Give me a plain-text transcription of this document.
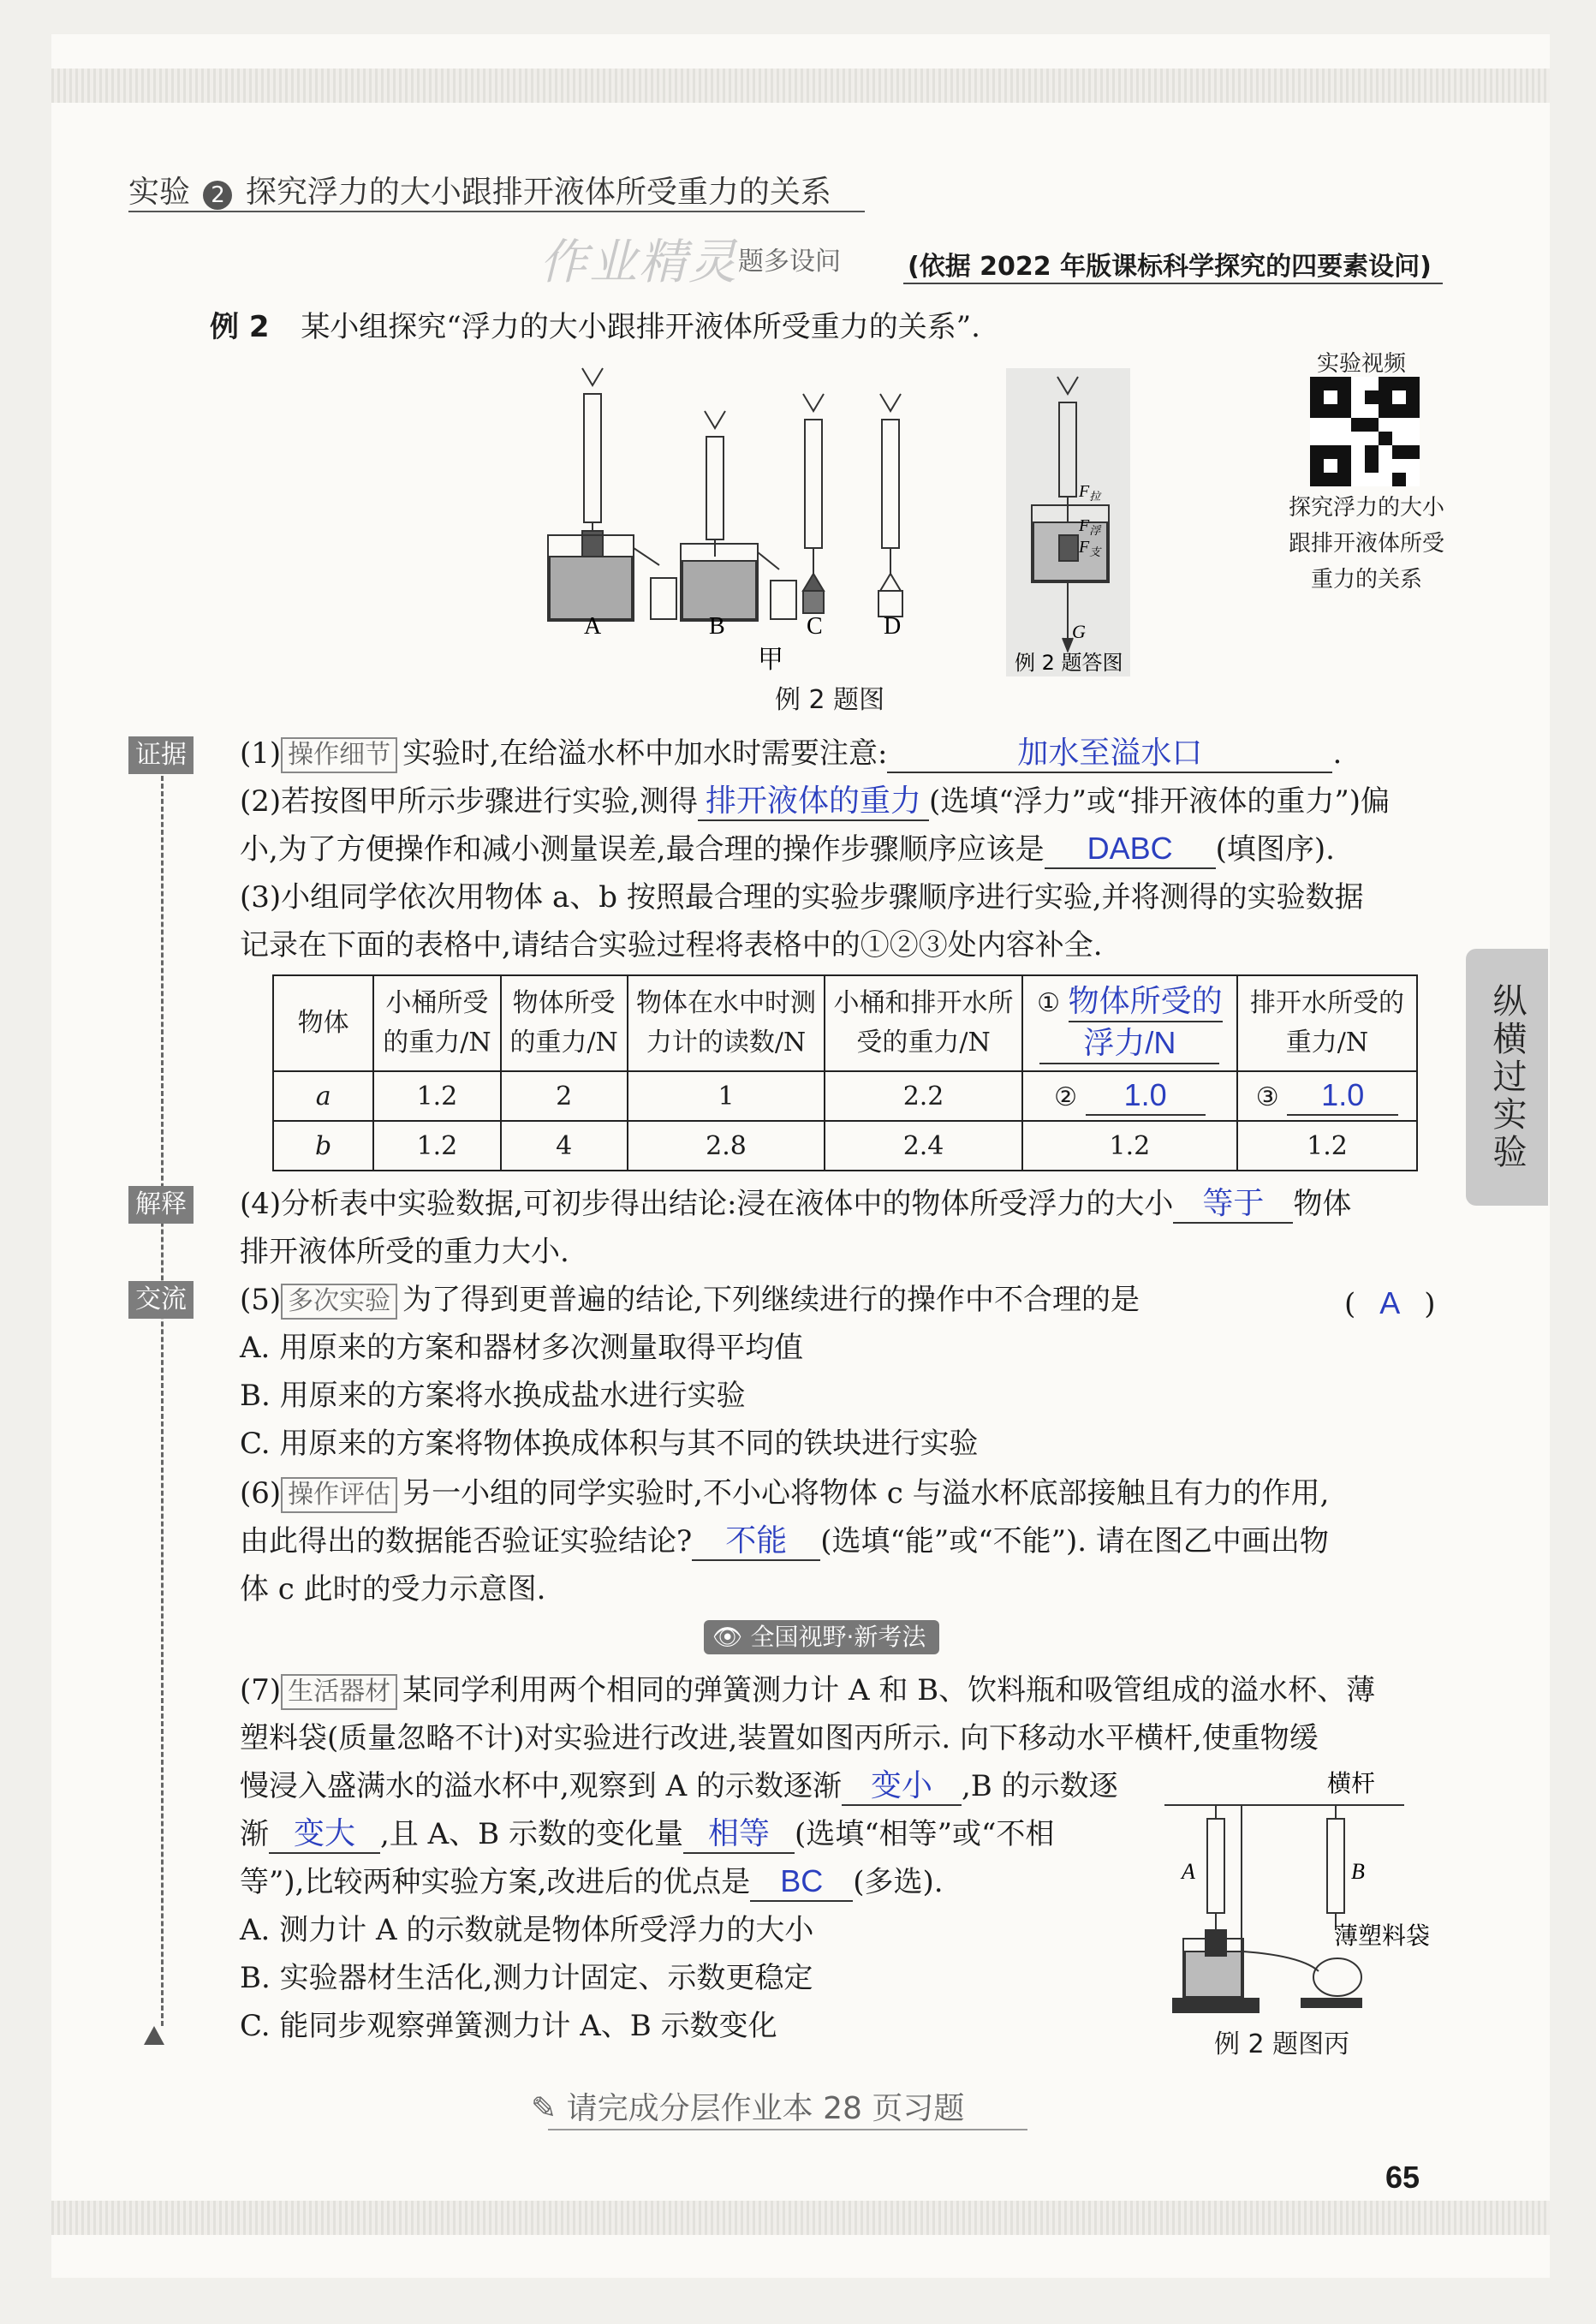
实验 2 探究浮力的大小跟排开液体所受重力的关系
作业精灵 题多设问	(依据 2022 年版课标科学探究的四要素设问)
例 2 某小组探究“浮力的大小跟排开液体所受重力的关系”.
A	B	C	D
甲
$F_拉$
$F_浮$
$F_支$
G
例 2 题答图
例 2 题图
实验视频
探究浮力的大小
跟排开液体所受
重力的关系
证据
解释
交流
(1) 操作细节 实验时,在给溢水杯中加水时需要注意:	加水至溢水口	.
(2)若按图甲所示步骤进行实验,测得 排开液体的重力 (选填“浮力”或“排开液体的重力”)偏
小,为了方便操作和减小测量误差,最合理的操作步骤顺序应该是 DABC (填图序).
(3)小组同学依次用物体 a、b 按照最合理的实验步骤顺序进行实验,并将测得的实验数据
记录在下面的表格中,请结合实验过程将表格中的①②③处内容补全.
物体	小桶所受的重力/N	物体所受的重力/N	物体在水中时测力计的读数/N	小桶和排开水所受的重力/N	① 物体所受的
浮力/N	排开水所受的重力/N
a	1.2	2	1	2.2	② 1.0	③ 1.0
b	1.2	4	2.8	2.4	1.2	1.2	纵横过实验
(4)分析表中实验数据,可初步得出结论:浸在液体中的物体所受浮力的大小 等于 物体
排开液体所受的重力大小.
(5) 多次实验 为了得到更普遍的结论,下列继续进行的操作中不合理的是	( A )
A. 用原来的方案和器材多次测量取得平均值
B. 用原来的方案将水换成盐水进行实验
C. 用原来的方案将物体换成体积与其不同的铁块进行实验
(6) 操作评估 另一小组的同学实验时,不小心将物体 c 与溢水杯底部接触且有力的作用,
由此得出的数据能否验证实验结论? 不能 (选填“能”或“不能”). 请在图乙中画出物
体 c 此时的受力示意图.
👁 全国视野·新考法
(7) 生活器材 某同学利用两个相同的弹簧测力计 A 和 B、饮料瓶和吸管组成的溢水杯、薄
塑料袋(质量忽略不计)对实验进行改进,装置如图丙所示. 向下移动水平横杆,使重物缓
慢浸入盛满水的溢水杯中,观察到 A 的示数逐渐 变小 ,B 的示数逐
渐 变大 ,且 A、B 示数的变化量 相等 (选填“相等”或“不相
等”),比较两种实验方案,改进后的优点是 BC (多选).
A. 测力计 A 的示数就是物体所受浮力的大小
B. 实验器材生活化,测力计固定、示数更稳定
C. 能同步观察弹簧测力计 A、B 示数变化
横杆
A	B
薄塑料袋
例 2 题图丙
✎ 请完成分层作业本 28 页习题
65
